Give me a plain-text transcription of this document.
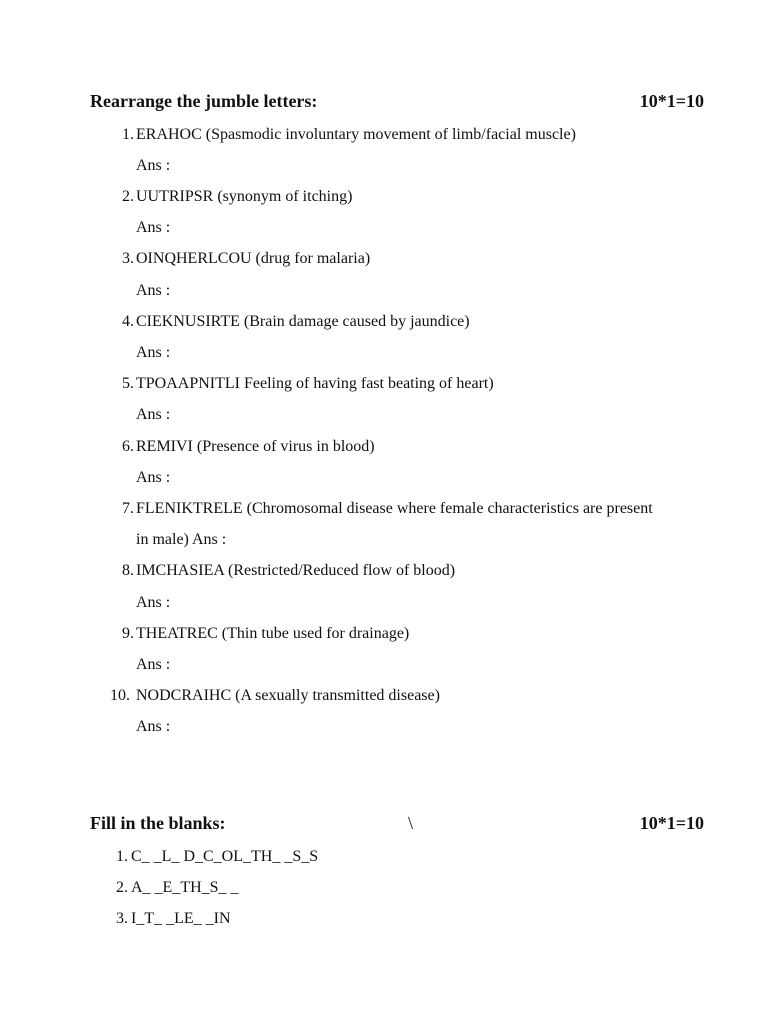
Rearrange the jumble letters:	10*1=10
1. ERAHOC (Spasmodic involuntary movement of limb/facial muscle)
Ans :
2. UUTRIPSR (synonym of itching)
Ans :
3. OINQHERLCOU (drug for malaria)
Ans :
4. CIEKNUSIRTE (Brain damage caused by jaundice)
Ans :
5. TPOAAPNITLI Feeling of having fast beating of heart)
Ans :
6. REMIVI (Presence of virus in blood)
Ans :
7. FLENIKTRELE (Chromosomal disease where female characteristics are present
in male) Ans :
8. IMCHASIEA (Restricted/Reduced flow of blood)
Ans :
9. THEATREC (Thin tube used for drainage)
Ans :
10. NODCRAIHC (A sexually transmitted disease)
Ans :
Fill in the blanks:	\	10*1=10
1. C_ _L_ D_C_OL_TH_ _S_S
2. A_ _E_TH_S_ _
3. I_T_ _LE_ _IN
